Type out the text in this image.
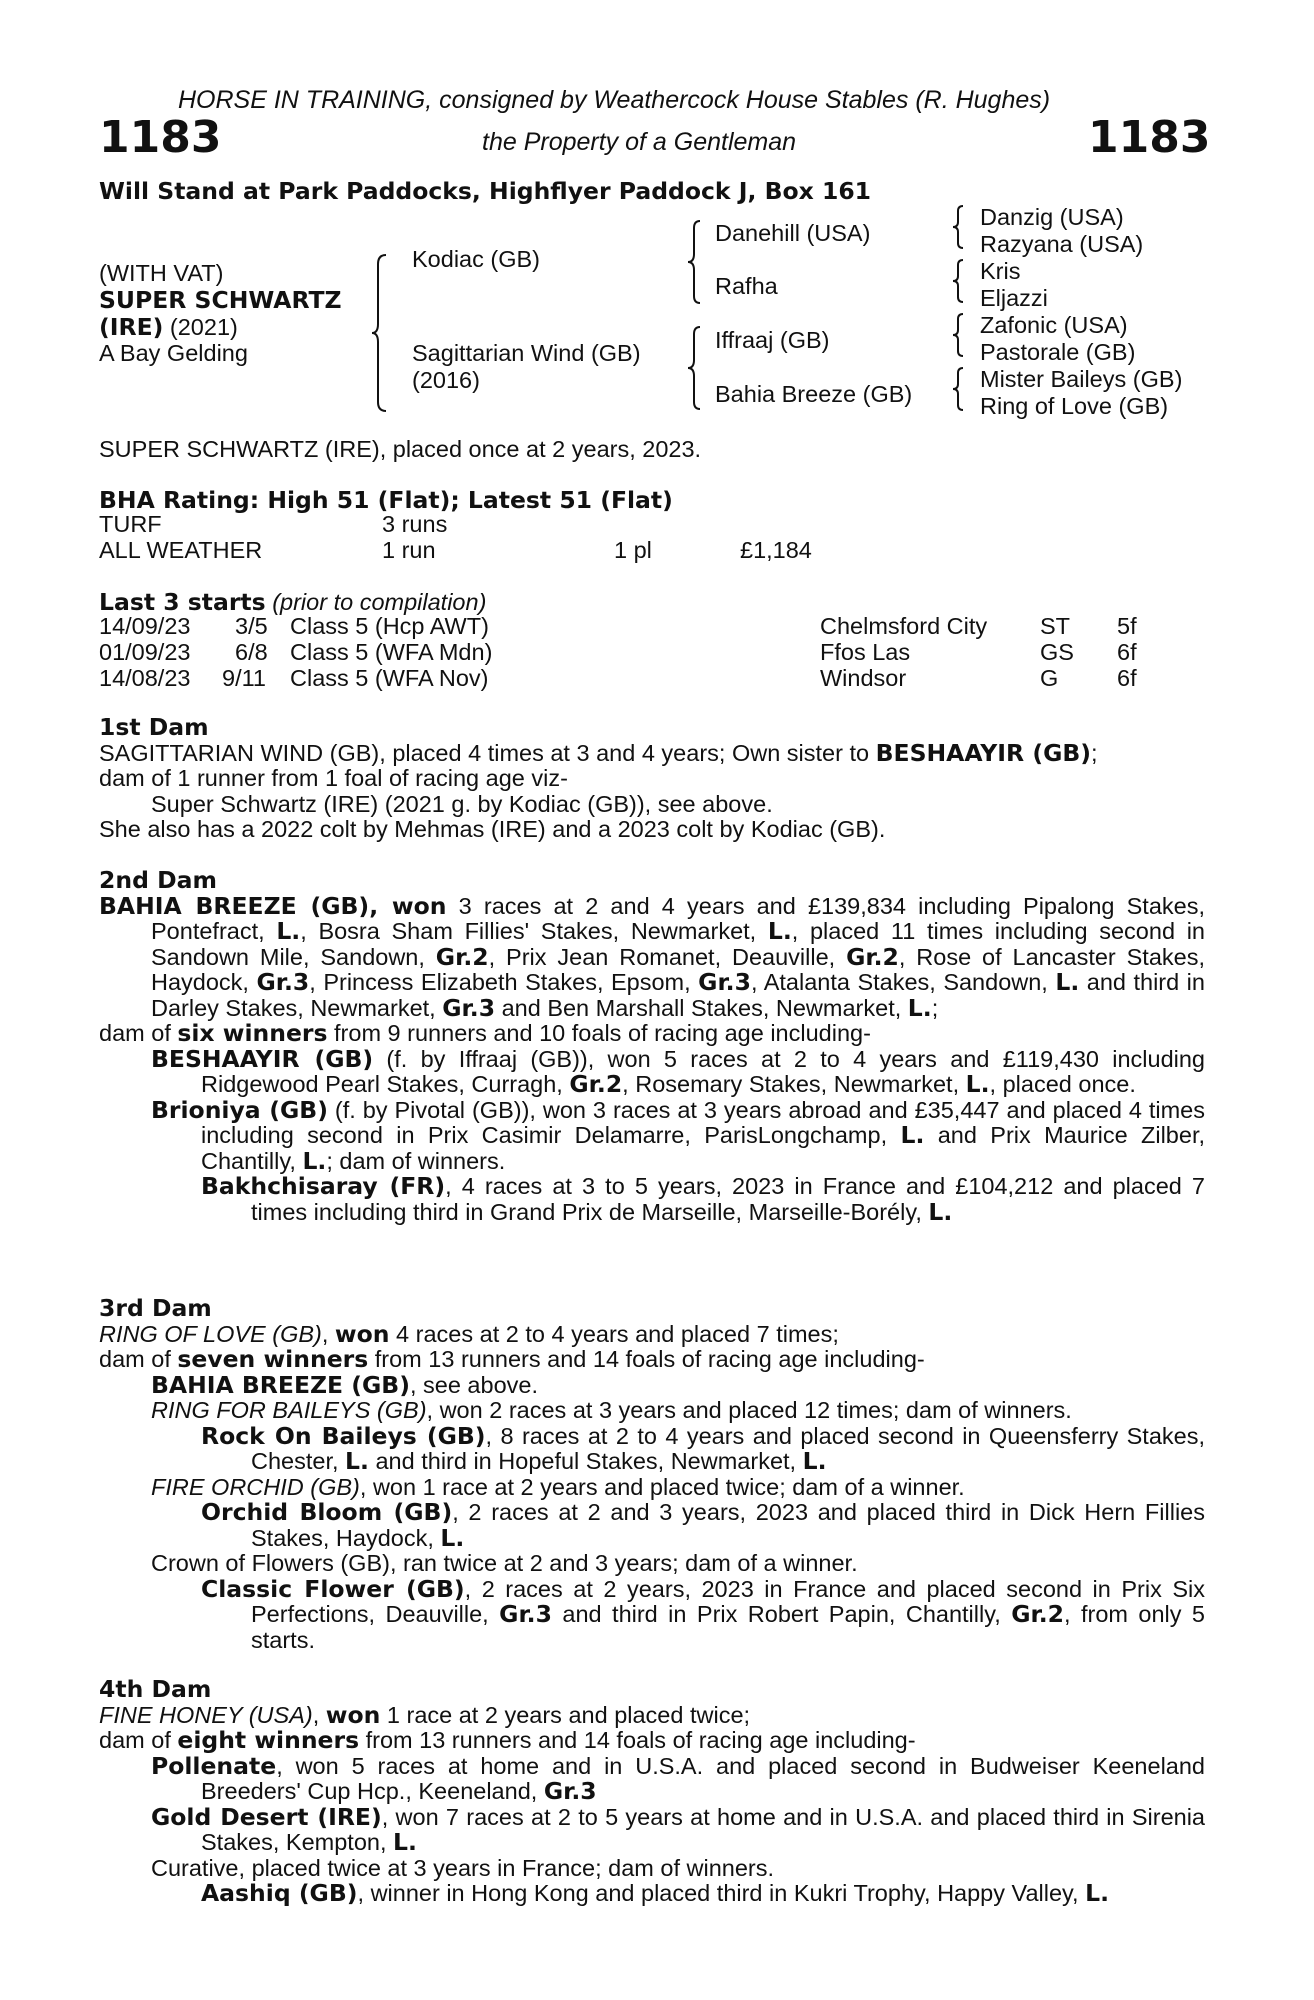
HORSE IN TRAINING, consigned by Weathercock House Stables (R. Hughes)
1183	the Property of a Gentleman	1183
Will Stand at Park Paddocks, Highflyer Paddock J, Box 161
(WITH VAT)
SUPER SCHWARTZ
(IRE) (2021)
A Bay Gelding
Kodiac (GB)
Sagittarian Wind (GB)
(2016)
Danehill (USA)
Rafha
Iffraaj (GB)
Bahia Breeze (GB)
Danzig (USA)
Razyana (USA)
Kris
Eljazzi
Zafonic (USA)
Pastorale (GB)
Mister Baileys (GB)
Ring of Love (GB)
SUPER SCHWARTZ (IRE), placed once at 2 years, 2023.
BHA Rating: High 51 (Flat); Latest 51 (Flat)
TURF	3 runs
ALL WEATHER	1 run	1 pl	£1,184
Last 3 starts (prior to compilation)
14/09/23 3/5 Class 5 (Hcp AWT)	Chelmsford City ST 5f
01/09/23 6/8 Class 5 (WFA Mdn)	Ffos Las	GS 6f
14/08/23 9/11 Class 5 (WFA Nov)	Windsor	G 6f

1st Dam

SAGITTARIAN WIND (GB), placed 4 times at 3 and 4 years; Own sister to BESHAAYIR (GB);

dam of 1 runner from 1 foal of racing age viz-

Super Schwartz (IRE) (2021 g. by Kodiac (GB)), see above.

She also has a 2022 colt by Mehmas (IRE) and a 2023 colt by Kodiac (GB).

2nd Dam

BAHIA BREEZE (GB), won 3 races at 2 and 4 years and £139,834 including Pipalong Stakes, Pontefract, L., Bosra Sham Fillies' Stakes, Newmarket, L., placed 11 times including second in Sandown Mile, Sandown, Gr.2, Prix Jean Romanet, Deauville, Gr.2, Rose of Lancaster Stakes, Haydock, Gr.3, Princess Elizabeth Stakes, Epsom, Gr.3, Atalanta Stakes, Sandown, L. and third in Darley Stakes, Newmarket, Gr.3 and Ben Marshall Stakes, Newmarket, L.;

dam of six winners from 9 runners and 10 foals of racing age including-

BESHAAYIR (GB) (f. by Iffraaj (GB)), won 5 races at 2 to 4 years and £119,430 including Ridgewood Pearl Stakes, Curragh, Gr.2, Rosemary Stakes, Newmarket, L., placed once.

Brioniya (GB) (f. by Pivotal (GB)), won 3 races at 3 years abroad and £35,447 and placed 4 times including second in Prix Casimir Delamarre, ParisLongchamp, L. and Prix Maurice Zilber, Chantilly, L.; dam of winners.

Bakhchisaray (FR), 4 races at 3 to 5 years, 2023 in France and £104,212 and placed 7 times including third in Grand Prix de Marseille, Marseille-Borély, L.

3rd Dam

RING OF LOVE (GB), won 4 races at 2 to 4 years and placed 7 times;

dam of seven winners from 13 runners and 14 foals of racing age including-

BAHIA BREEZE (GB), see above.

RING FOR BAILEYS (GB), won 2 races at 3 years and placed 12 times; dam of winners.

Rock On Baileys (GB), 8 races at 2 to 4 years and placed second in Queensferry Stakes, Chester, L. and third in Hopeful Stakes, Newmarket, L.

FIRE ORCHID (GB), won 1 race at 2 years and placed twice; dam of a winner.

Orchid Bloom (GB), 2 races at 2 and 3 years, 2023 and placed third in Dick Hern Fillies Stakes, Haydock, L.

Crown of Flowers (GB), ran twice at 2 and 3 years; dam of a winner.

Classic Flower (GB), 2 races at 2 years, 2023 in France and placed second in Prix Six Perfections, Deauville, Gr.3 and third in Prix Robert Papin, Chantilly, Gr.2, from only 5 starts.

4th Dam

FINE HONEY (USA), won 1 race at 2 years and placed twice;

dam of eight winners from 13 runners and 14 foals of racing age including-

Pollenate, won 5 races at home and in U.S.A. and placed second in Budweiser Keeneland Breeders' Cup Hcp., Keeneland, Gr.3

Gold Desert (IRE), won 7 races at 2 to 5 years at home and in U.S.A. and placed third in Sirenia Stakes, Kempton, L.

Curative, placed twice at 3 years in France; dam of winners.

Aashiq (GB), winner in Hong Kong and placed third in Kukri Trophy, Happy Valley, L.
